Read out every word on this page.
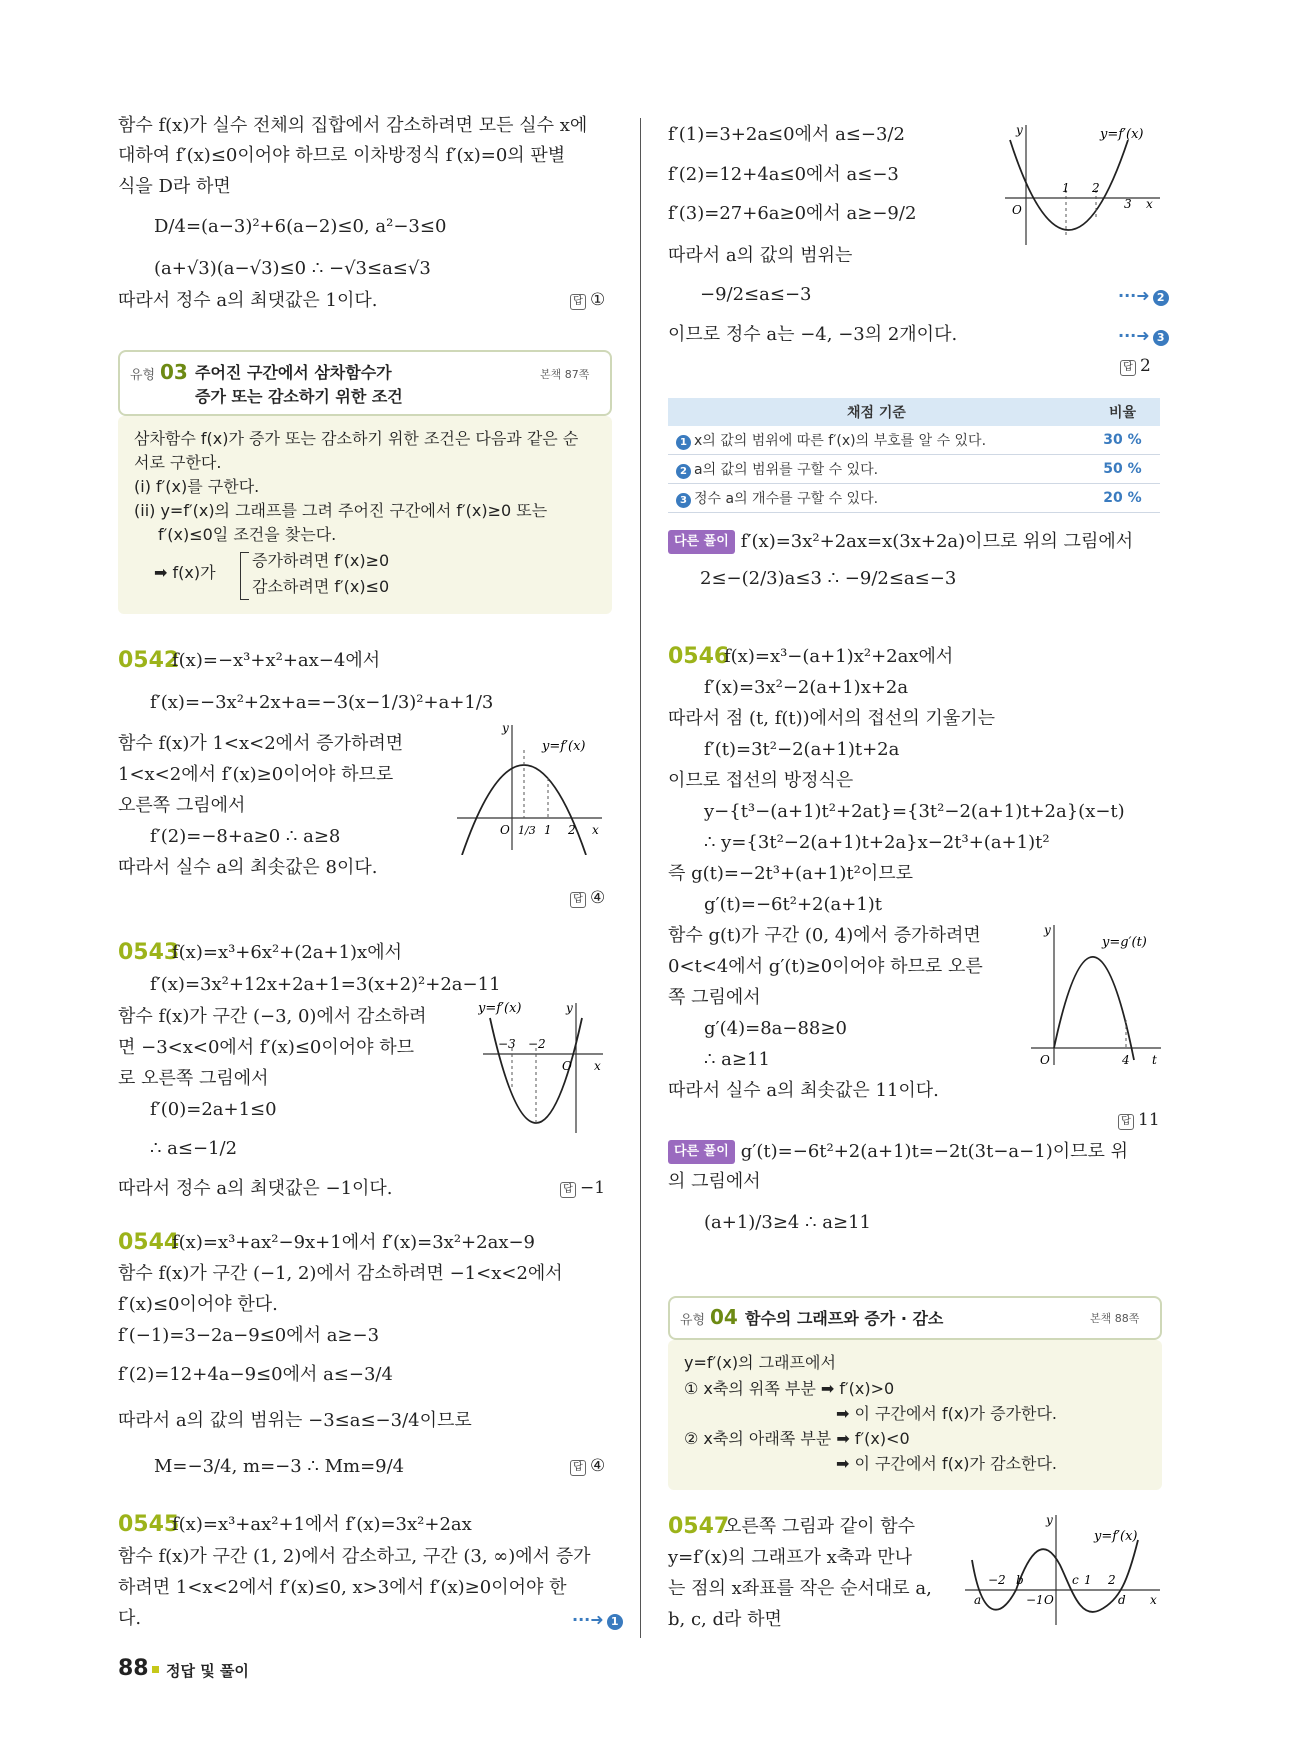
함수 f(x)가 실수 전체의 집합에서 감소하려면 모든 실수 x에
대하여 f′(x)≤0이어야 하므로 이차방정식 f′(x)=0의 판별
식을 D라 하면
D/4=(a−3)²+6(a−2)≤0, a²−3≤0
(a+√3)(a−√3)≤0 ∴ −√3≤a≤√3
따라서 정수 a의 최댓값은 1이다.	답 ①
유형 03 주어진 구간에서 삼차함수가
증가 또는 감소하기 위한 조건
본책 87쪽
삼차함수 f(x)가 증가 또는 감소하기 위한 조건은 다음과 같은 순
서로 구한다.
(i) f′(x)를 구한다.
(ii) y=f′(x)의 그래프를 그려 주어진 구간에서 f′(x)≥0 또는
f′(x)≤0일 조건을 찾는다.
➡ f(x)가
증가하려면 f′(x)≥0
감소하려면 f′(x)≤0
0542
f(x)=−x³+x²+ax−4에서
f′(x)=−3x²+2x+a=−3(x−1/3)²+a+1/3
함수 f(x)가 1<x<2에서 증가하려면
1<x<2에서 f′(x)≥0이어야 하므로
오른쪽 그림에서
f′(2)=−8+a≥0 ∴ a≥8
따라서 실수 a의 최솟값은 8이다.
답 ④
O 1/3 1 2 x
y
y=f′(x)
0543
f(x)=x³+6x²+(2a+1)x에서
f′(x)=3x²+12x+2a+1=3(x+2)²+2a−11
함수 f(x)가 구간 (−3, 0)에서 감소하려
면 −3<x<0에서 f′(x)≤0이어야 하므
로 오른쪽 그림에서
f′(0)=2a+1≤0
∴ a≤−1/2
따라서 정수 a의 최댓값은 −1이다.	답 −1
−3 −2
O x
y
y=f′(x)
0544
f(x)=x³+ax²−9x+1에서 f′(x)=3x²+2ax−9
함수 f(x)가 구간 (−1, 2)에서 감소하려면 −1<x<2에서
f′(x)≤0이어야 한다.
f′(−1)=3−2a−9≤0에서 a≥−3
f′(2)=12+4a−9≤0에서 a≤−3/4
따라서 a의 값의 범위는 −3≤a≤−3/4이므로
M=−3/4, m=−3 ∴ Mm=9/4	답 ④
0545
f(x)=x³+ax²+1에서 f′(x)=3x²+2ax
함수 f(x)가 구간 (1, 2)에서 감소하고, 구간 (3, ∞)에서 증가
하려면 1<x<2에서 f′(x)≤0, x>3에서 f′(x)≥0이어야 한
다.	···➜ 1
88 정답 및 풀이
f′(1)=3+2a≤0에서 a≤−3/2
f′(2)=12+4a≤0에서 a≤−3
f′(3)=27+6a≥0에서 a≥−9/2
따라서 a의 값의 범위는
−9/2≤a≤−3	···➜ 2
이므로 정수 a는 −4, −3의 2개이다.	···➜ 3
답 2
O
1 2
3 x
y	y=f′(x)
채점 기준	비율
1 x의 값의 범위에 따른 f′(x)의 부호를 알 수 있다.	30 %
2 a의 값의 범위를 구할 수 있다.	50 %
3 정수 a의 개수를 구할 수 있다.	20 %
다른 풀이 f′(x)=3x²+2ax=x(3x+2a)이므로 위의 그림에서
2≤−(2/3)a≤3 ∴ −9/2≤a≤−3
0546
f(x)=x³−(a+1)x²+2ax에서
f′(x)=3x²−2(a+1)x+2a
따라서 점 (t, f(t))에서의 접선의 기울기는
f′(t)=3t²−2(a+1)t+2a
이므로 접선의 방정식은
y−{t³−(a+1)t²+2at}={3t²−2(a+1)t+2a}(x−t)
∴ y={3t²−2(a+1)t+2a}x−2t³+(a+1)t²
즉 g(t)=−2t³+(a+1)t²이므로
g′(t)=−6t²+2(a+1)t
함수 g(t)가 구간 (0, 4)에서 증가하려면
0<t<4에서 g′(t)≥0이어야 하므로 오른
쪽 그림에서
g′(4)=8a−88≥0
∴ a≥11
따라서 실수 a의 최솟값은 11이다.
답 11
O	4 t
y
y=g′(t)
다른 풀이 g′(t)=−6t²+2(a+1)t=−2t(3t−a−1)이므로 위
의 그림에서
(a+1)/3≥4 ∴ a≥11
유형 04 함수의 그래프와 증가 · 감소	본책 88쪽
y=f′(x)의 그래프에서
① x축의 위쪽 부분 ➡ f′(x)>0
➡ 이 구간에서 f(x)가 증가한다.
② x축의 아래쪽 부분 ➡ f′(x)<0
➡ 이 구간에서 f(x)가 감소한다.
0547
오른쪽 그림과 같이 함수
y=f′(x)의 그래프가 x축과 만나
는 점의 x좌표를 작은 순서대로 a,
b, c, d라 하면
−2 b
−1 O
c 1 2
a	d x
y
y=f′(x)
